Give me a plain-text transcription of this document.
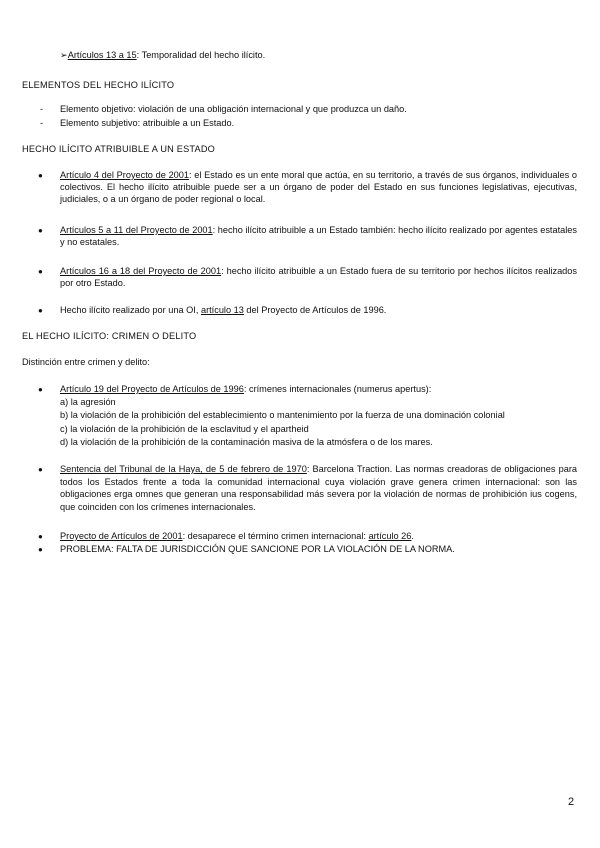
➢Artículos 13 a 15: Temporalidad del hecho ilícito.
ELEMENTOS DEL HECHO ILÍCITO
- Elemento objetivo: violación de una obligación internacional y que produzca un daño.
- Elemento subjetivo: atribuible a un Estado.
HECHO ILÍCITO ATRIBUIBLE A UN ESTADO
● Artículo 4 del Proyecto de 2001: el Estado es un ente moral que actúa, en su territorio, a través de sus órganos, individuales o colectivos. El hecho ilícito atribuible puede ser a un órgano de poder del Estado en sus funciones legislativas, ejecutivas, judiciales, o a un órgano de poder regional o local.
● Artículos 5 a 11 del Proyecto de 2001: hecho ilícito atribuible a un Estado también: hecho ilícito realizado por agentes estatales y no estatales.
● Artículos 16 a 18 del Proyecto de 2001: hecho ilícito atribuible a un Estado fuera de su territorio por hechos ilícitos realizados por otro Estado.
● Hecho ilícito realizado por una OI, artículo 13 del Proyecto de Artículos de 1996.
EL HECHO ILÍCITO: CRIMEN O DELITO
Distinción entre crimen y delito:
● Artículo 19 del Proyecto de Artículos de 1996: crímenes internacionales (numerus apertus):
a) la agresión
b) la violación de la prohibición del establecimiento o mantenimiento por la fuerza de una dominación colonial
c) la violación de la prohibición de la esclavitud y el apartheid
d) la violación de la prohibición de la contaminación masiva de la atmósfera o de los mares.
● Sentencia del Tribunal de la Haya, de 5 de febrero de 1970: Barcelona Traction. Las normas creadoras de obligaciones para todos los Estados frente a toda la comunidad internacional cuya violación grave genera crimen internacional: son las obligaciones erga omnes que generan una responsabilidad más severa por la violación de normas de prohibición ius cogens, que coinciden con los crímenes internacionales.
● Proyecto de Artículos de 2001: desaparece el término crimen internacional: artículo 26.
● PROBLEMA: FALTA DE JURISDICCIÓN QUE SANCIONE POR LA VIOLACIÓN DE LA NORMA.
2
